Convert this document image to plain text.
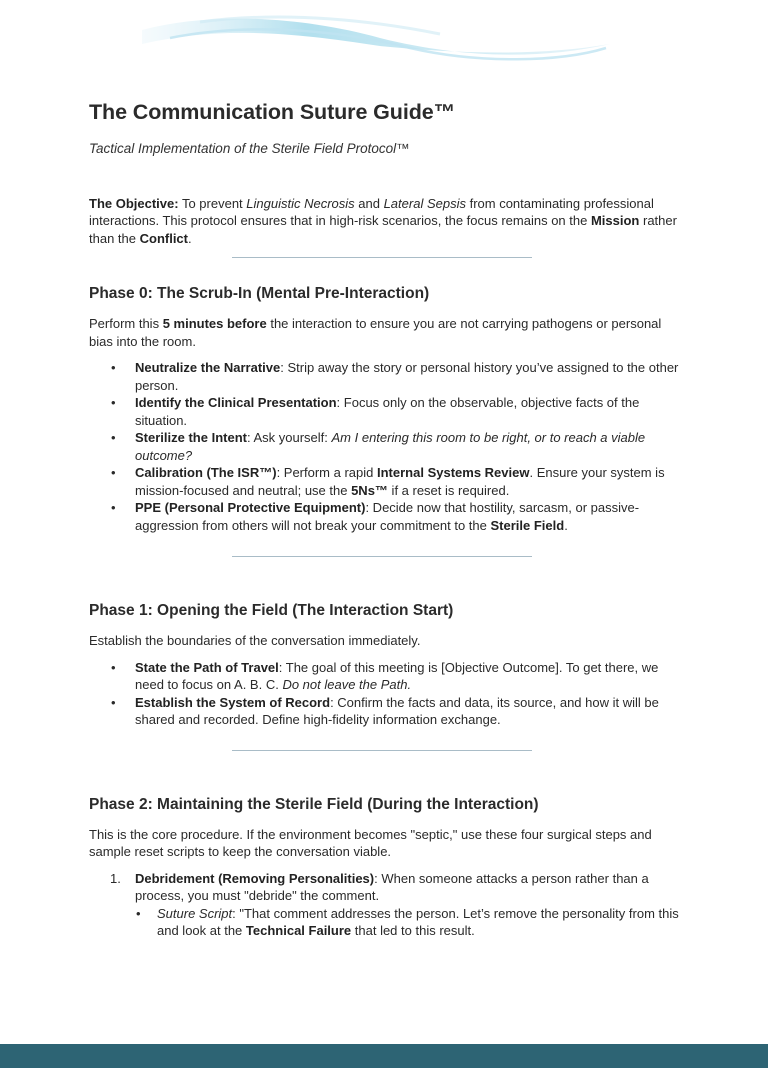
The Communication Suture Guide™

Tactical Implementation of the Sterile Field Protocol™

The Objective: To prevent Linguistic Necrosis and Lateral Sepsis from contaminating professional interactions. This protocol ensures that in high-risk scenarios, the focus remains on the Mission rather than the Conflict.

Phase 0: The Scrub-In (Mental Pre-Interaction)

Perform this 5 minutes before the interaction to ensure you are not carrying pathogens or personal bias into the room.

• Neutralize the Narrative: Strip away the story or personal history you’ve assigned to the other person.
• Identify the Clinical Presentation: Focus only on the observable, objective facts of the situation.
• Sterilize the Intent: Ask yourself: Am I entering this room to be right, or to reach a viable outcome?
• Calibration (The ISR™): Perform a rapid Internal Systems Review. Ensure your system is mission-focused and neutral; use the 5Ns™ if a reset is required.
• PPE (Personal Protective Equipment): Decide now that hostility, sarcasm, or passive-aggression from others will not break your commitment to the Sterile Field.
Phase 1: Opening the Field (The Interaction Start)

Establish the boundaries of the conversation immediately.

• State the Path of Travel: The goal of this meeting is [Objective Outcome]. To get there, we need to focus on A. B. C. Do not leave the Path.
• Establish the System of Record: Confirm the facts and data, its source, and how it will be shared and recorded. Define high-fidelity information exchange.
Phase 2: Maintaining the Sterile Field (During the Interaction)

This is the core procedure. If the environment becomes "septic," use these four surgical steps and sample reset scripts to keep the conversation viable.

1. Debridement (Removing Personalities): When someone attacks a person rather than a process, you must "debride" the comment.
• Suture Script: "That comment addresses the person. Let’s remove the personality from this and look at the Technical Failure that led to this result.
